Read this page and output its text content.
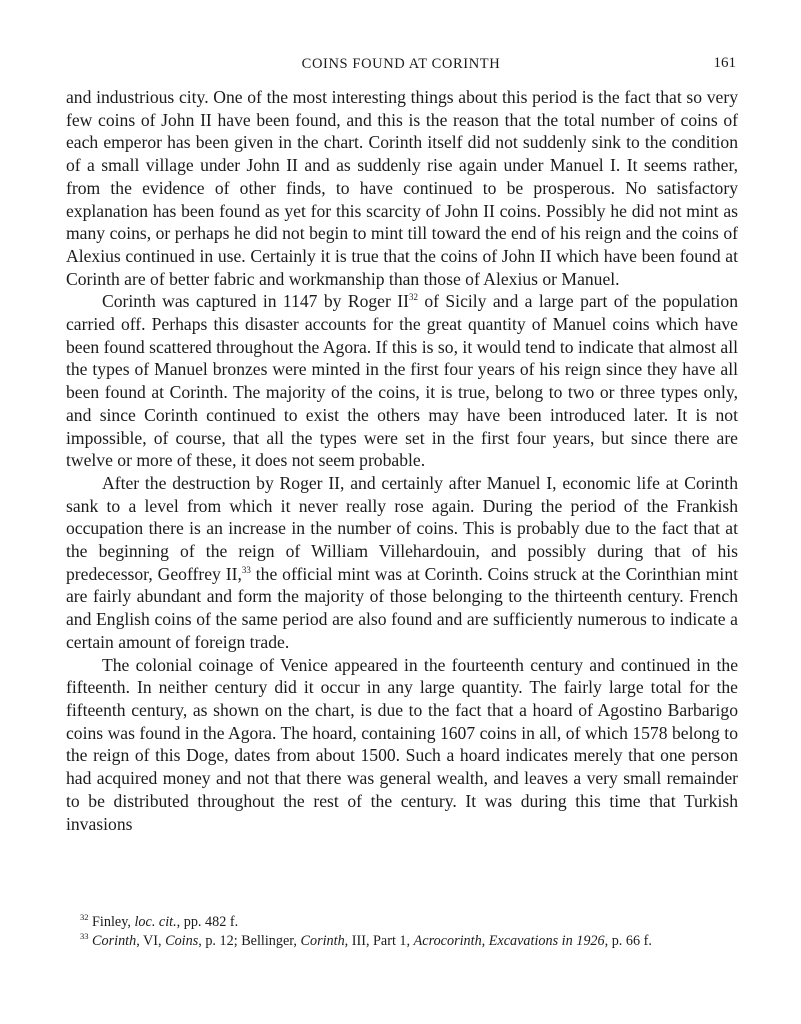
COINS FOUND AT CORINTH	161

and industrious city. One of the most interesting things about this period is the fact that so very few coins of John II have been found, and this is the reason that the total number of coins of each emperor has been given in the chart. Corinth itself did not suddenly sink to the condition of a small village under John II and as suddenly rise again under Manuel I. It seems rather, from the evidence of other finds, to have continued to be prosperous. No satisfactory explanation has been found as yet for this scarcity of John II coins. Possibly he did not mint as many coins, or perhaps he did not begin to mint till toward the end of his reign and the coins of Alexius continued in use. Certainly it is true that the coins of John II which have been found at Corinth are of better fabric and workmanship than those of Alexius or Manuel.

Corinth was captured in 1147 by Roger II$^{32}$ of Sicily and a large part of the population carried off. Perhaps this disaster accounts for the great quantity of Manuel coins which have been found scattered throughout the Agora. If this is so, it would tend to indicate that almost all the types of Manuel bronzes were minted in the first four years of his reign since they have all been found at Corinth. The majority of the coins, it is true, belong to two or three types only, and since Corinth continued to exist the others may have been introduced later. It is not impossible, of course, that all the types were set in the first four years, but since there are twelve or more of these, it does not seem probable.

After the destruction by Roger II, and certainly after Manuel I, economic life at Corinth sank to a level from which it never really rose again. During the period of the Frankish occupation there is an increase in the number of coins. This is probably due to the fact that at the beginning of the reign of William Villehardouin, and possibly during that of his predecessor, Geoffrey II,$^{33}$ the official mint was at Corinth. Coins struck at the Corinthian mint are fairly abundant and form the majority of those belonging to the thirteenth century. French and English coins of the same period are also found and are sufficiently numerous to indicate a certain amount of foreign trade.

The colonial coinage of Venice appeared in the fourteenth century and continued in the fifteenth. In neither century did it occur in any large quantity. The fairly large total for the fifteenth century, as shown on the chart, is due to the fact that a hoard of Agostino Barbarigo coins was found in the Agora. The hoard, containing 1607 coins in all, of which 1578 belong to the reign of this Doge, dates from about 1500. Such a hoard indicates merely that one person had acquired money and not that there was general wealth, and leaves a very small remainder to be distributed throughout the rest of the century. It was during this time that Turkish invasions

$^{32}$ Finley, loc. cit., pp. 482 f.

$^{33}$ Corinth, VI, Coins, p. 12; Bellinger, Corinth, III, Part 1, Acrocorinth, Excavations in 1926, p. 66 f.
